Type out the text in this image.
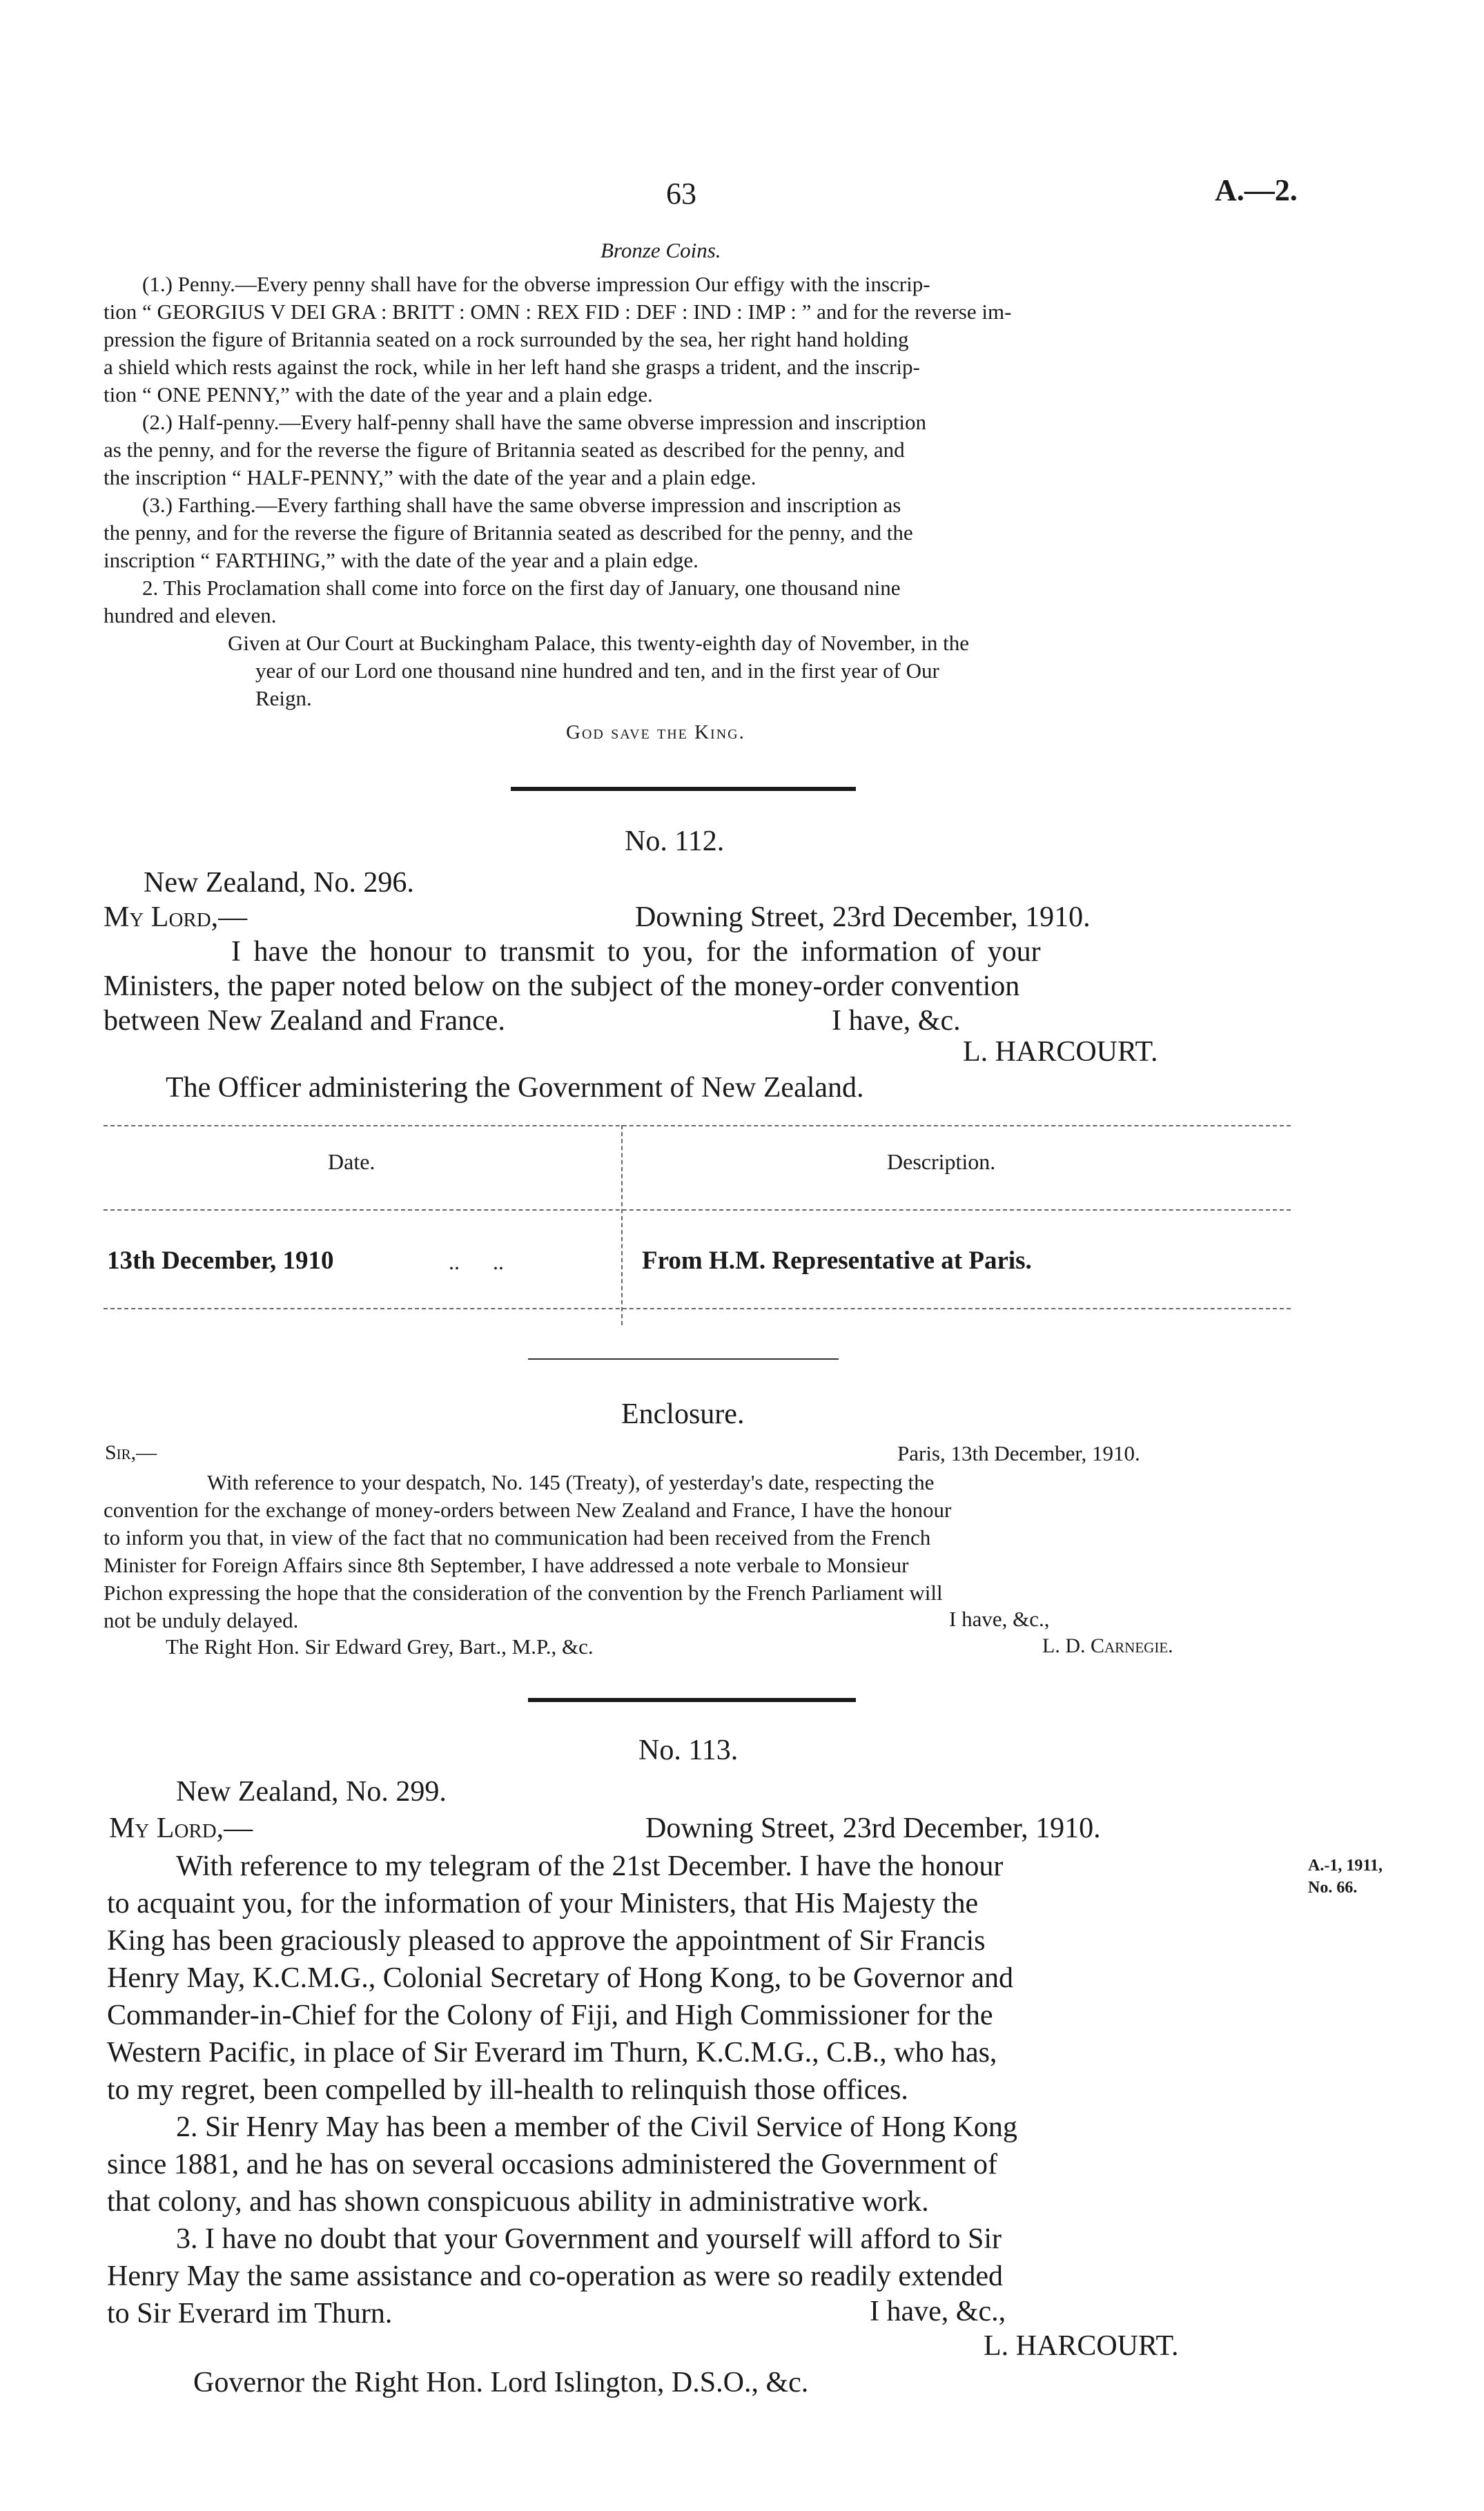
63	A.—2.
Bronze Coins.

(1.) Penny.—Every penny shall have for the obverse impression Our effigy with the inscrip-

tion “ GEORGIUS V DEI GRA : BRITT : OMN : REX FID : DEF : IND : IMP : ” and for the reverse im-

pression the figure of Britannia seated on a rock surrounded by the sea, her right hand holding

a shield which rests against the rock, while in her left hand she grasps a trident, and the inscrip-

tion “ ONE PENNY,” with the date of the year and a plain edge.

(2.) Half-penny.—Every half-penny shall have the same obverse impression and inscription

as the penny, and for the reverse the figure of Britannia seated as described for the penny, and

the inscription “ HALF-PENNY,” with the date of the year and a plain edge.

(3.) Farthing.—Every farthing shall have the same obverse impression and inscription as

the penny, and for the reverse the figure of Britannia seated as described for the penny, and the

inscription “ FARTHING,” with the date of the year and a plain edge.

2. This Proclamation shall come into force on the first day of January, one thousand nine

hundred and eleven.

Given at Our Court at Buckingham Palace, this twenty-eighth day of November, in the

year of our Lord one thousand nine hundred and ten, and in the first year of Our

Reign.

God save the King.
No. 112.
New Zealand, No. 296.
My Lord,—	Downing Street, 23rd December, 1910.
I have the honour to transmit to you, for the information of your
Ministers, the paper noted below on the subject of the money-order convention
between New Zealand and France.	I have, &c.
L. HARCOURT.
The Officer administering the Government of New Zealand.
Date.	Description.
13th December, 1910	.. ..	From H.M. Representative at Paris.
Enclosure.
Sir,—	Paris, 13th December, 1910.

With reference to your despatch, No. 145 (Treaty), of yesterday's date, respecting the

convention for the exchange of money-orders between New Zealand and France, I have the honour

to inform you that, in view of the fact that no communication had been received from the French

Minister for Foreign Affairs since 8th September, I have addressed a note verbale to Monsieur

Pichon expressing the hope that the consideration of the convention by the French Parliament will

not be unduly delayed.	I have, &c.,
The Right Hon. Sir Edward Grey, Bart., M.P., &c.	L. D. Carnegie.
No. 113.
New Zealand, No. 299.
My Lord,—	Downing Street, 23rd December, 1910.
A.-1, 1911,
No. 66.

With reference to my telegram of the 21st December. I have the honour

to acquaint you, for the information of your Ministers, that His Majesty the

King has been graciously pleased to approve the appointment of Sir Francis

Henry May, K.C.M.G., Colonial Secretary of Hong Kong, to be Governor and

Commander-in-Chief for the Colony of Fiji, and High Commissioner for the

Western Pacific, in place of Sir Everard im Thurn, K.C.M.G., C.B., who has,

to my regret, been compelled by ill-health to relinquish those offices.

2. Sir Henry May has been a member of the Civil Service of Hong Kong

since 1881, and he has on several occasions administered the Government of

that colony, and has shown conspicuous ability in administrative work.

3. I have no doubt that your Government and yourself will afford to Sir

Henry May the same assistance and co-operation as were so readily extended

to Sir Everard im Thurn.	I have, &c.,
L. HARCOURT.
Governor the Right Hon. Lord Islington, D.S.O., &c.
